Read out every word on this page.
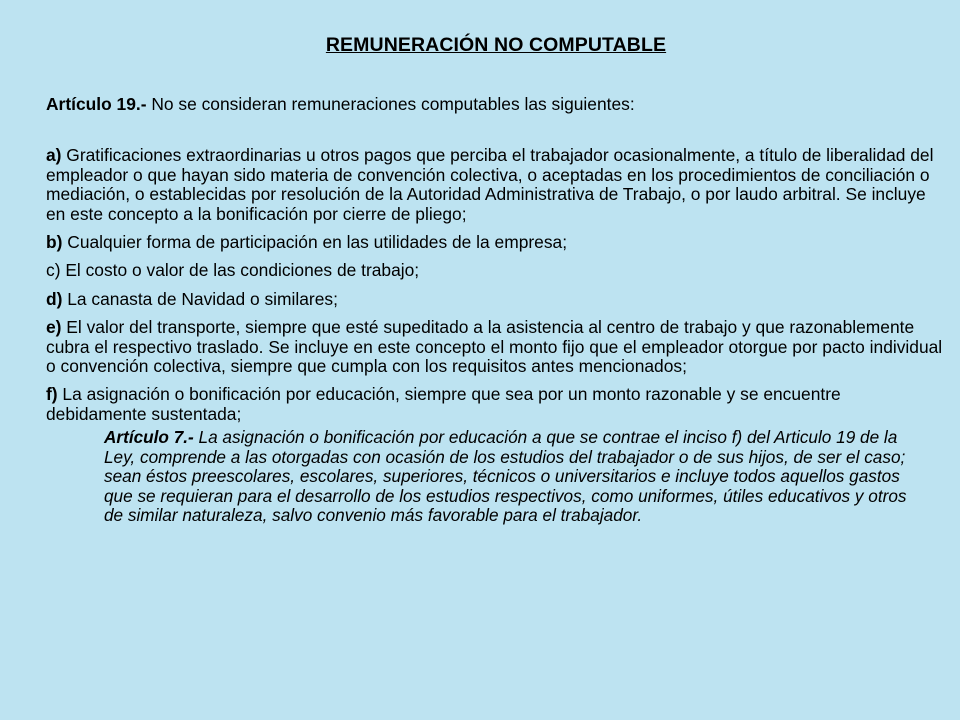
REMUNERACIÓN NO COMPUTABLE

Artículo 19.- No se consideran remuneraciones computables las siguientes:

a) Gratificaciones extraordinarias u otros pagos que perciba el trabajador ocasionalmente, a título de liberalidad del empleador o que hayan sido materia de convención colectiva, o aceptadas en los procedimientos de conciliación o mediación, o establecidas por resolución de la Autoridad Administrativa de Trabajo, o por laudo arbitral. Se incluye en este concepto a la bonificación por cierre de pliego;

b) Cualquier forma de participación en las utilidades de la empresa;

c) El costo o valor de las condiciones de trabajo;

d) La canasta de Navidad o similares;

e) El valor del transporte, siempre que esté supeditado a la asistencia al centro de trabajo y que razonablemente cubra el respectivo traslado. Se incluye en este concepto el monto fijo que el empleador otorgue por pacto individual o convención colectiva, siempre que cumpla con los requisitos antes mencionados;

f) La asignación o bonificación por educación, siempre que sea por un monto razonable y se encuentre debidamente sustentada;

Artículo 7.- La asignación o bonificación por educación a que se contrae el inciso f) del Articulo 19 de la Ley, comprende a las otorgadas con ocasión de los estudios del trabajador o de sus hijos, de ser el caso; sean éstos preescolares, escolares, superiores, técnicos o universitarios e incluye todos aquellos gastos que se requieran para el desarrollo de los estudios respectivos, como uniformes, útiles educativos y otros de similar naturaleza, salvo convenio más favorable para el trabajador.
